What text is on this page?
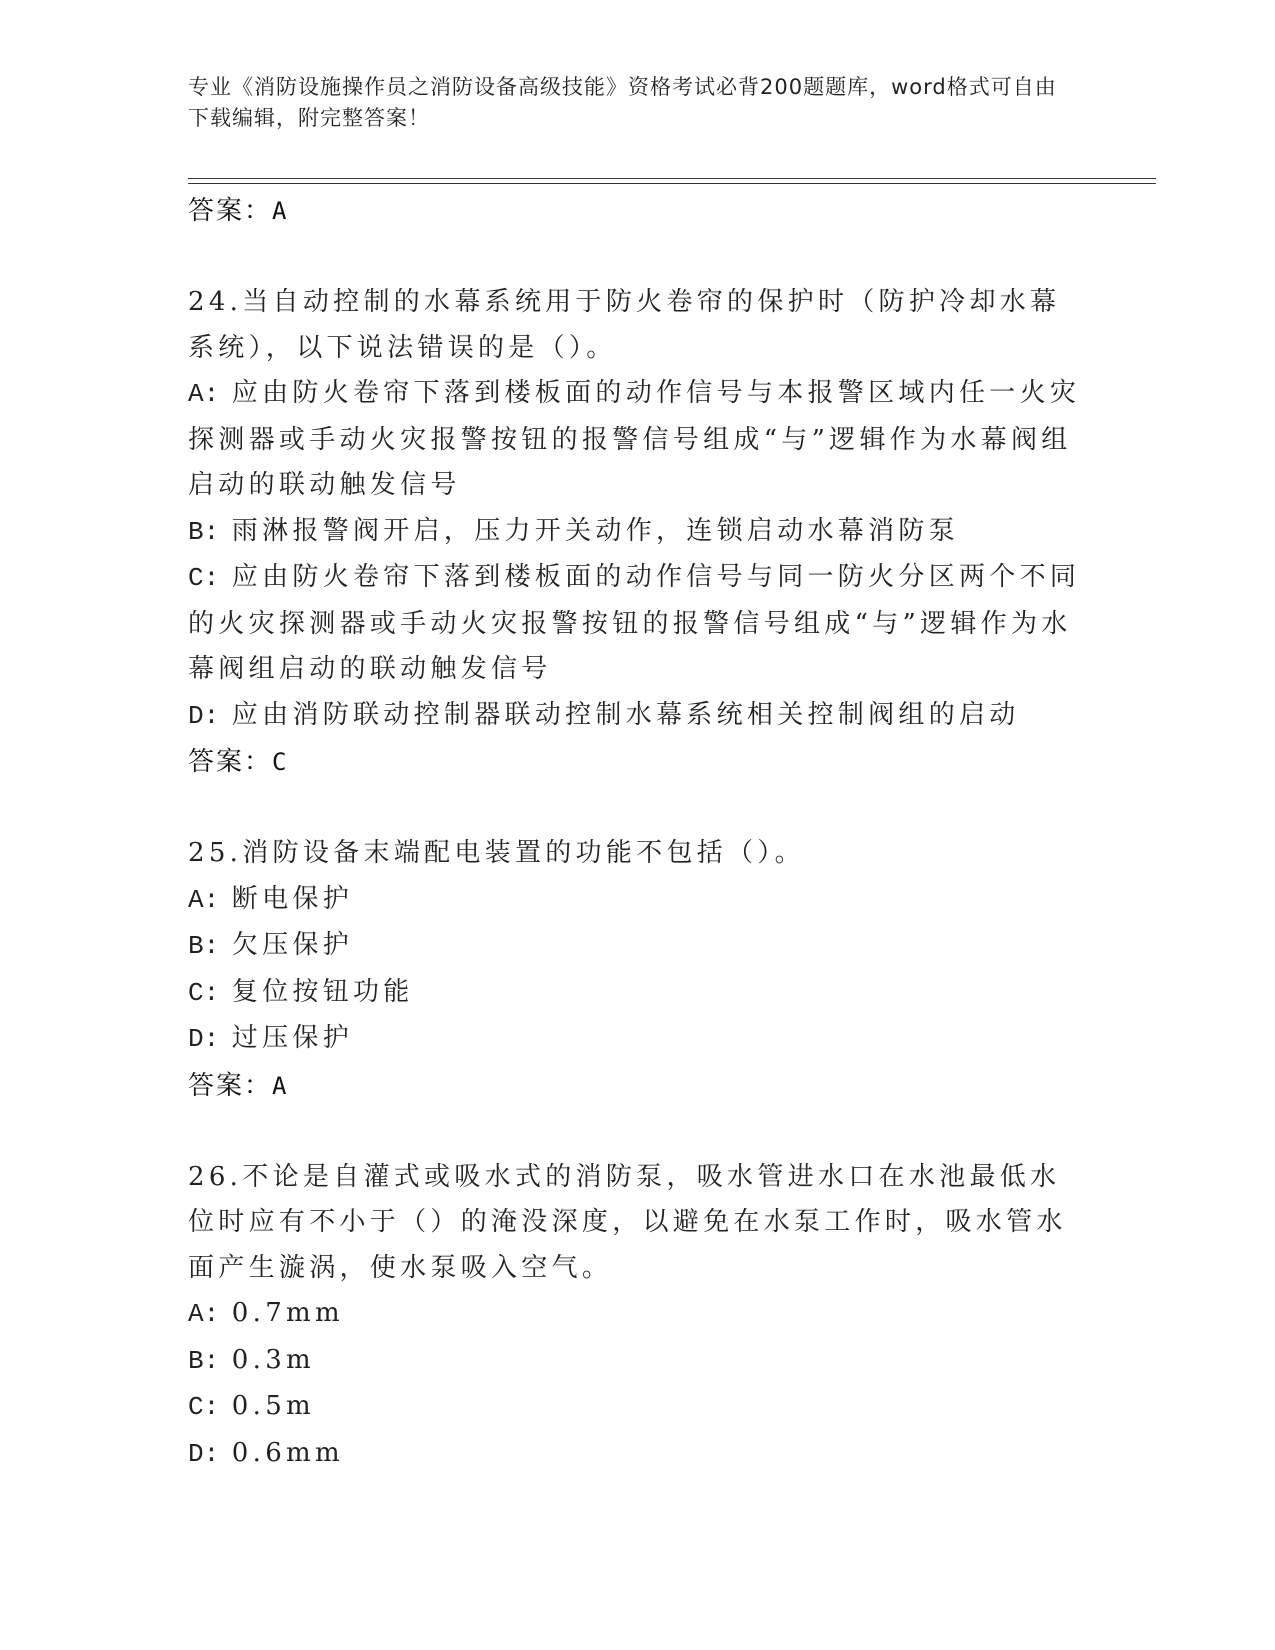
专业《消防设施操作员之消防设备高级技能》资格考试必背200题题库，word格式可自由下载编辑，附完整答案！
答案：A
24.当自动控制的水幕系统用于防火卷帘的保护时（防护冷却水幕系统），以下说法错误的是（）。
A: 应由防火卷帘下落到楼板面的动作信号与本报警区域内任一火灾探测器或手动火灾报警按钮的报警信号组成“与”逻辑作为水幕阀组启动的联动触发信号
B: 雨淋报警阀开启，压力开关动作，连锁启动水幕消防泵
C: 应由防火卷帘下落到楼板面的动作信号与同一防火分区两个不同的火灾探测器或手动火灾报警按钮的报警信号组成“与”逻辑作为水幕阀组启动的联动触发信号
D: 应由消防联动控制器联动控制水幕系统相关控制阀组的启动
答案：C
25.消防设备末端配电装置的功能不包括（）。
A: 断电保护
B: 欠压保护
C: 复位按钮功能
D: 过压保护
答案：A
26.不论是自灌式或吸水式的消防泵，吸水管进水口在水池最低水位时应有不小于（）的淹没深度，以避免在水泵工作时，吸水管水面产生漩涡，使水泵吸入空气。
A: 0.7mm
B: 0.3m
C: 0.5m
D: 0.6mm
